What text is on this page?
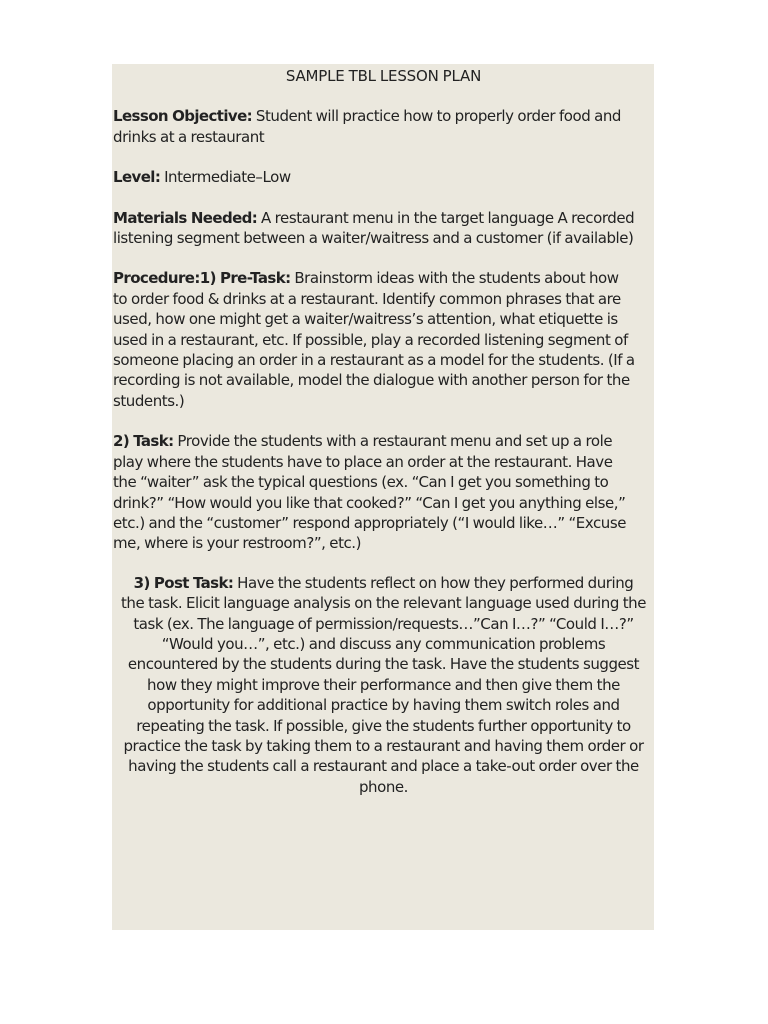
SAMPLE TBL LESSON PLAN
Lesson Objective: Student will practice how to properly order food and
drinks at a restaurant
Level: Intermediate–Low
Materials Needed: A restaurant menu in the target language A recorded
listening segment between a waiter/waitress and a customer (if available)
Procedure:1) Pre-Task: Brainstorm ideas with the students about how
to order food & drinks at a restaurant. Identify common phrases that are
used, how one might get a waiter/waitress’s attention, what etiquette is
used in a restaurant, etc. If possible, play a recorded listening segment of
someone placing an order in a restaurant as a model for the students. (If a
recording is not available, model the dialogue with another person for the
students.)
2) Task: Provide the students with a restaurant menu and set up a role
play where the students have to place an order at the restaurant. Have
the “waiter” ask the typical questions (ex. “Can I get you something to
drink?” “How would you like that cooked?” “Can I get you anything else,”
etc.) and the “customer” respond appropriately (“I would like…” “Excuse
me, where is your restroom?”, etc.)
3) Post Task: Have the students reflect on how they performed during
the task. Elicit language analysis on the relevant language used during the
task (ex. The language of permission/requests…”Can I…?” “Could I…?”
“Would you…”, etc.) and discuss any communication problems
encountered by the students during the task. Have the students suggest
how they might improve their performance and then give them the
opportunity for additional practice by having them switch roles and
repeating the task. If possible, give the students further opportunity to
practice the task by taking them to a restaurant and having them order or
having the students call a restaurant and place a take-out order over the
phone.
